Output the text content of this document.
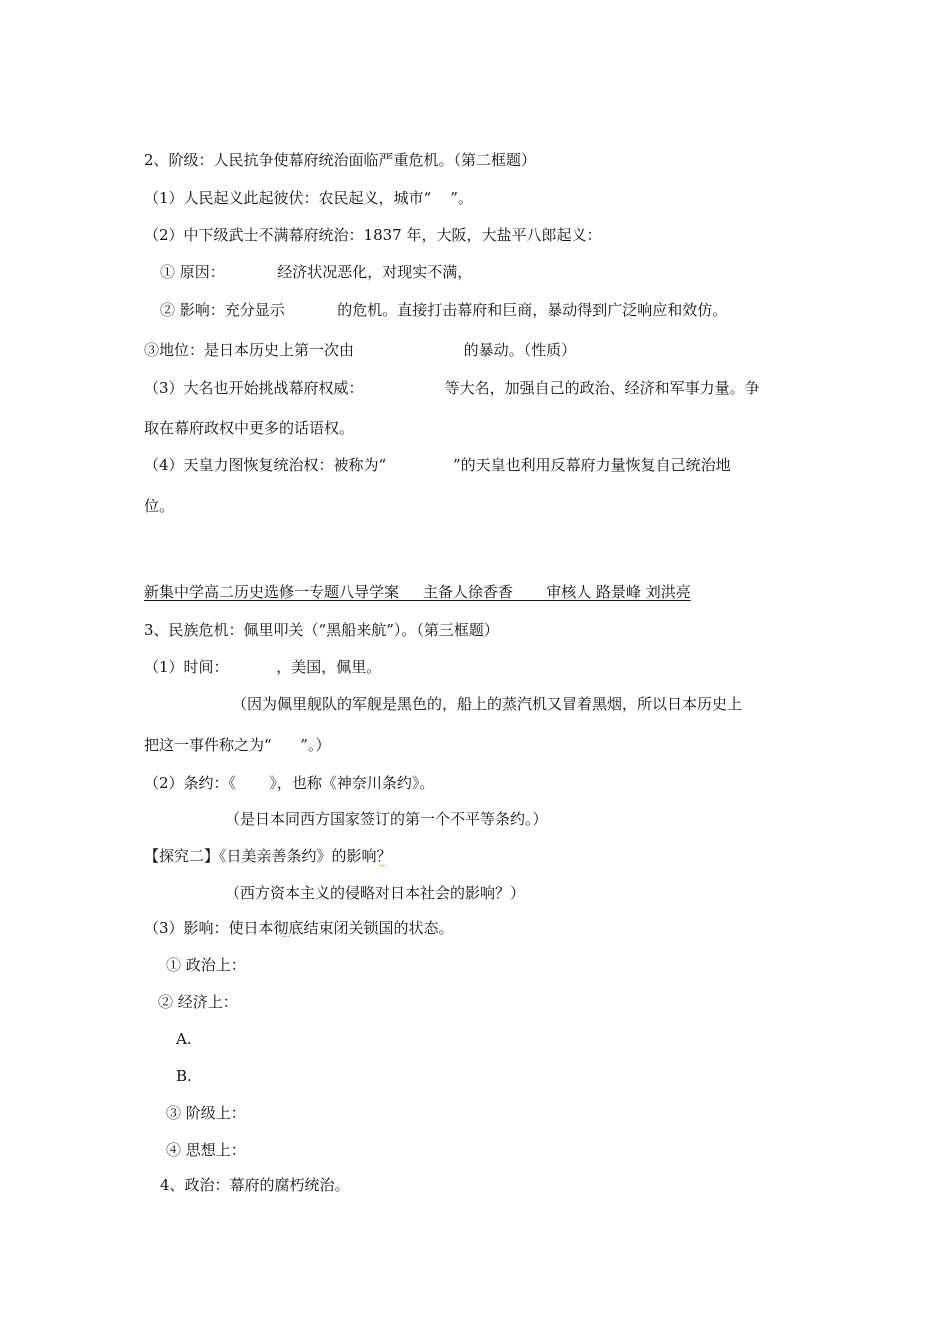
2、阶级：人民抗争使幕府统治面临严重危机。（第二框题）

（1）人民起义此起彼伏：农民起义，城市“    ”。

（2）中下级武士不满幕府统治：1837 年，大阪，大盐平八郎起义：

① 原因：           经济状况恶化，对现实不满，

② 影响：充分显示           的危机。直接打击幕府和巨商，暴动得到广泛响应和效仿。

③地位：是日本历史上第一次由                       的暴动。（性质）

（3）大名也开始挑战幕府权威：                 等大名，加强自己的政治、经济和军事力量。争

取在幕府政权中更多的话语权。

（4）天皇力图恢复统治权：被称为“              ”的天皇也利用反幕府力量恢复自己统治地

位。

新集中学高二历史选修一专题八导学案     主备人徐香香       审核人 路景峰 刘洪亮

3、民族危机：佩里叩关（“黑船来航”）。（第三框题）

（1）时间：          ，美国，佩里。

（因为佩里舰队的军舰是黑色的，船上的蒸汽机又冒着黑烟，所以日本历史上

把这一事件称之为“      ”。）

（2）条约：《       》，也称《神奈川条约》。

（是日本同西方国家签订的第一个不平等条约。）

【探究二】《日美亲善条约》的影响？

（西方资本主义的侵略对日本社会的影响？）

（3）影响：使日本彻底结束闭关锁国的状态。

① 政治上：

② 经济上：

A.

B.

③ 阶级上：

④ 思想上：

4、政治：幕府的腐朽统治。
